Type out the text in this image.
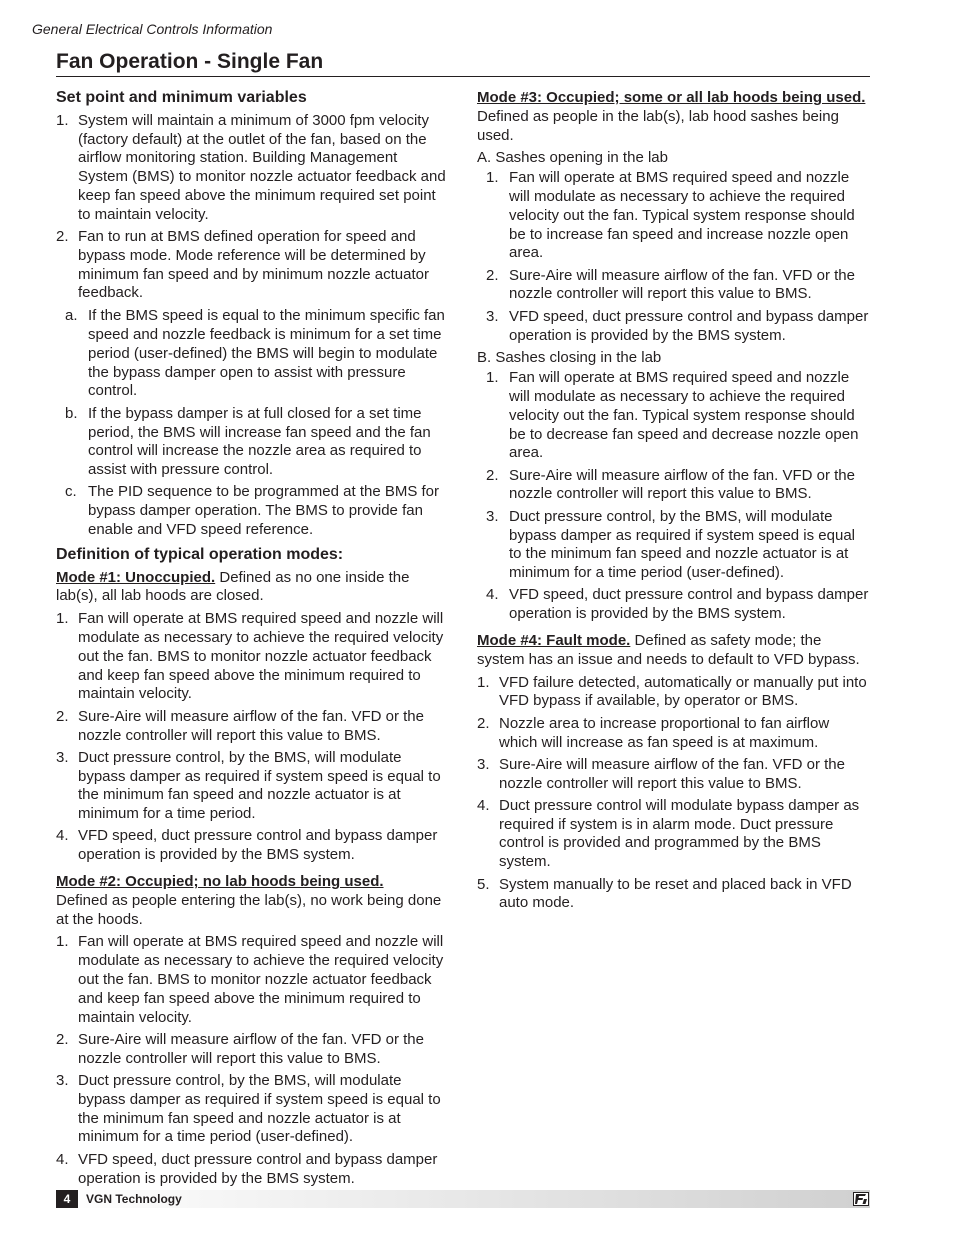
General Electrical Controls Information
Fan Operation - Single Fan
Set point and minimum variables
1. System will maintain a minimum of 3000 fpm velocity (factory default) at the outlet of the fan, based on the airflow monitoring station. Building Management System (BMS) to monitor nozzle actuator feedback and keep fan speed above the minimum required set point to maintain velocity.
2. Fan to run at BMS defined operation for speed and bypass mode. Mode reference will be determined by minimum fan speed and by minimum nozzle actuator feedback.
a. If the BMS speed is equal to the minimum specific fan speed and nozzle feedback is minimum for a set time period (user-defined) the BMS will begin to modulate the bypass damper open to assist with pressure control.
b. If the bypass damper is at full closed for a set time period, the BMS will increase fan speed and the fan control will increase the nozzle area as required to assist with pressure control.
c. The PID sequence to be programmed at the BMS for bypass damper operation. The BMS to provide fan enable and VFD speed reference.
Definition of typical operation modes:
Mode #1: Unoccupied. Defined as no one inside the lab(s), all lab hoods are closed.
1. Fan will operate at BMS required speed and nozzle will modulate as necessary to achieve the required velocity out the fan. BMS to monitor nozzle actuator feedback and keep fan speed above the minimum required to maintain velocity.
2. Sure-Aire will measure airflow of the fan. VFD or the nozzle controller will report this value to BMS.
3. Duct pressure control, by the BMS, will modulate bypass damper as required if system speed is equal to the minimum fan speed and nozzle actuator is at minimum for a time period.
4. VFD speed, duct pressure control and bypass damper operation is provided by the BMS system.
Mode #2: Occupied; no lab hoods being used.
Defined as people entering the lab(s), no work being done at the hoods.
1. Fan will operate at BMS required speed and nozzle will modulate as necessary to achieve the required velocity out the fan. BMS to monitor nozzle actuator feedback and keep fan speed above the minimum required to maintain velocity.
2. Sure-Aire will measure airflow of the fan. VFD or the nozzle controller will report this value to BMS.
3. Duct pressure control, by the BMS, will modulate bypass damper as required if system speed is equal to the minimum fan speed and nozzle actuator is at minimum for a time period (user-defined).
4. VFD speed, duct pressure control and bypass damper operation is provided by the BMS system.
Mode #3: Occupied; some or all lab hoods being used. Defined as people in the lab(s), lab hood sashes being used.
A. Sashes opening in the lab
1. Fan will operate at BMS required speed and nozzle will modulate as necessary to achieve the required velocity out the fan. Typical system response should be to increase fan speed and increase nozzle open area.
2. Sure-Aire will measure airflow of the fan. VFD or the nozzle controller will report this value to BMS.
3. VFD speed, duct pressure control and bypass damper operation is provided by the BMS system.
B. Sashes closing in the lab
1. Fan will operate at BMS required speed and nozzle will modulate as necessary to achieve the required velocity out the fan. Typical system response should be to decrease fan speed and decrease nozzle open area.
2. Sure-Aire will measure airflow of the fan. VFD or the nozzle controller will report this value to BMS.
3. Duct pressure control, by the BMS, will modulate bypass damper as required if system speed is equal to the minimum fan speed and nozzle actuator is at minimum for a time period (user-defined).
4. VFD speed, duct pressure control and bypass damper operation is provided by the BMS system.
Mode #4: Fault mode. Defined as safety mode; the system has an issue and needs to default to VFD bypass.
1. VFD failure detected, automatically or manually put into VFD bypass if available, by operator or BMS.
2. Nozzle area to increase proportional to fan airflow which will increase as fan speed is at maximum.
3. Sure-Aire will measure airflow of the fan. VFD or the nozzle controller will report this value to BMS.
4. Duct pressure control will modulate bypass damper as required if system is in alarm mode. Duct pressure control is provided and programmed by the BMS system.
5. System manually to be reset and placed back in VFD auto mode.
4	VGN Technology
